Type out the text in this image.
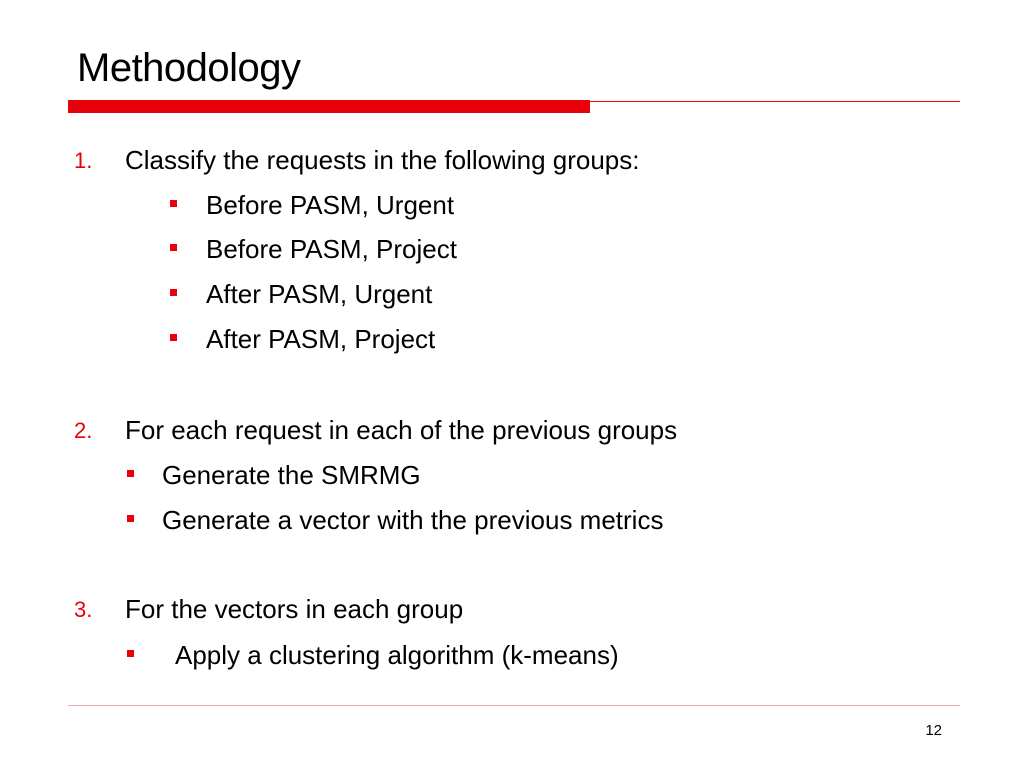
Methodology
1. Classify the requests in the following groups:
Before PASM, Urgent
Before PASM, Project
After PASM, Urgent
After PASM, Project
2. For each request in each of the previous groups
Generate the SMRMG
Generate a vector with the previous metrics
3. For the vectors in each group
Apply a clustering algorithm (k-means)
12
